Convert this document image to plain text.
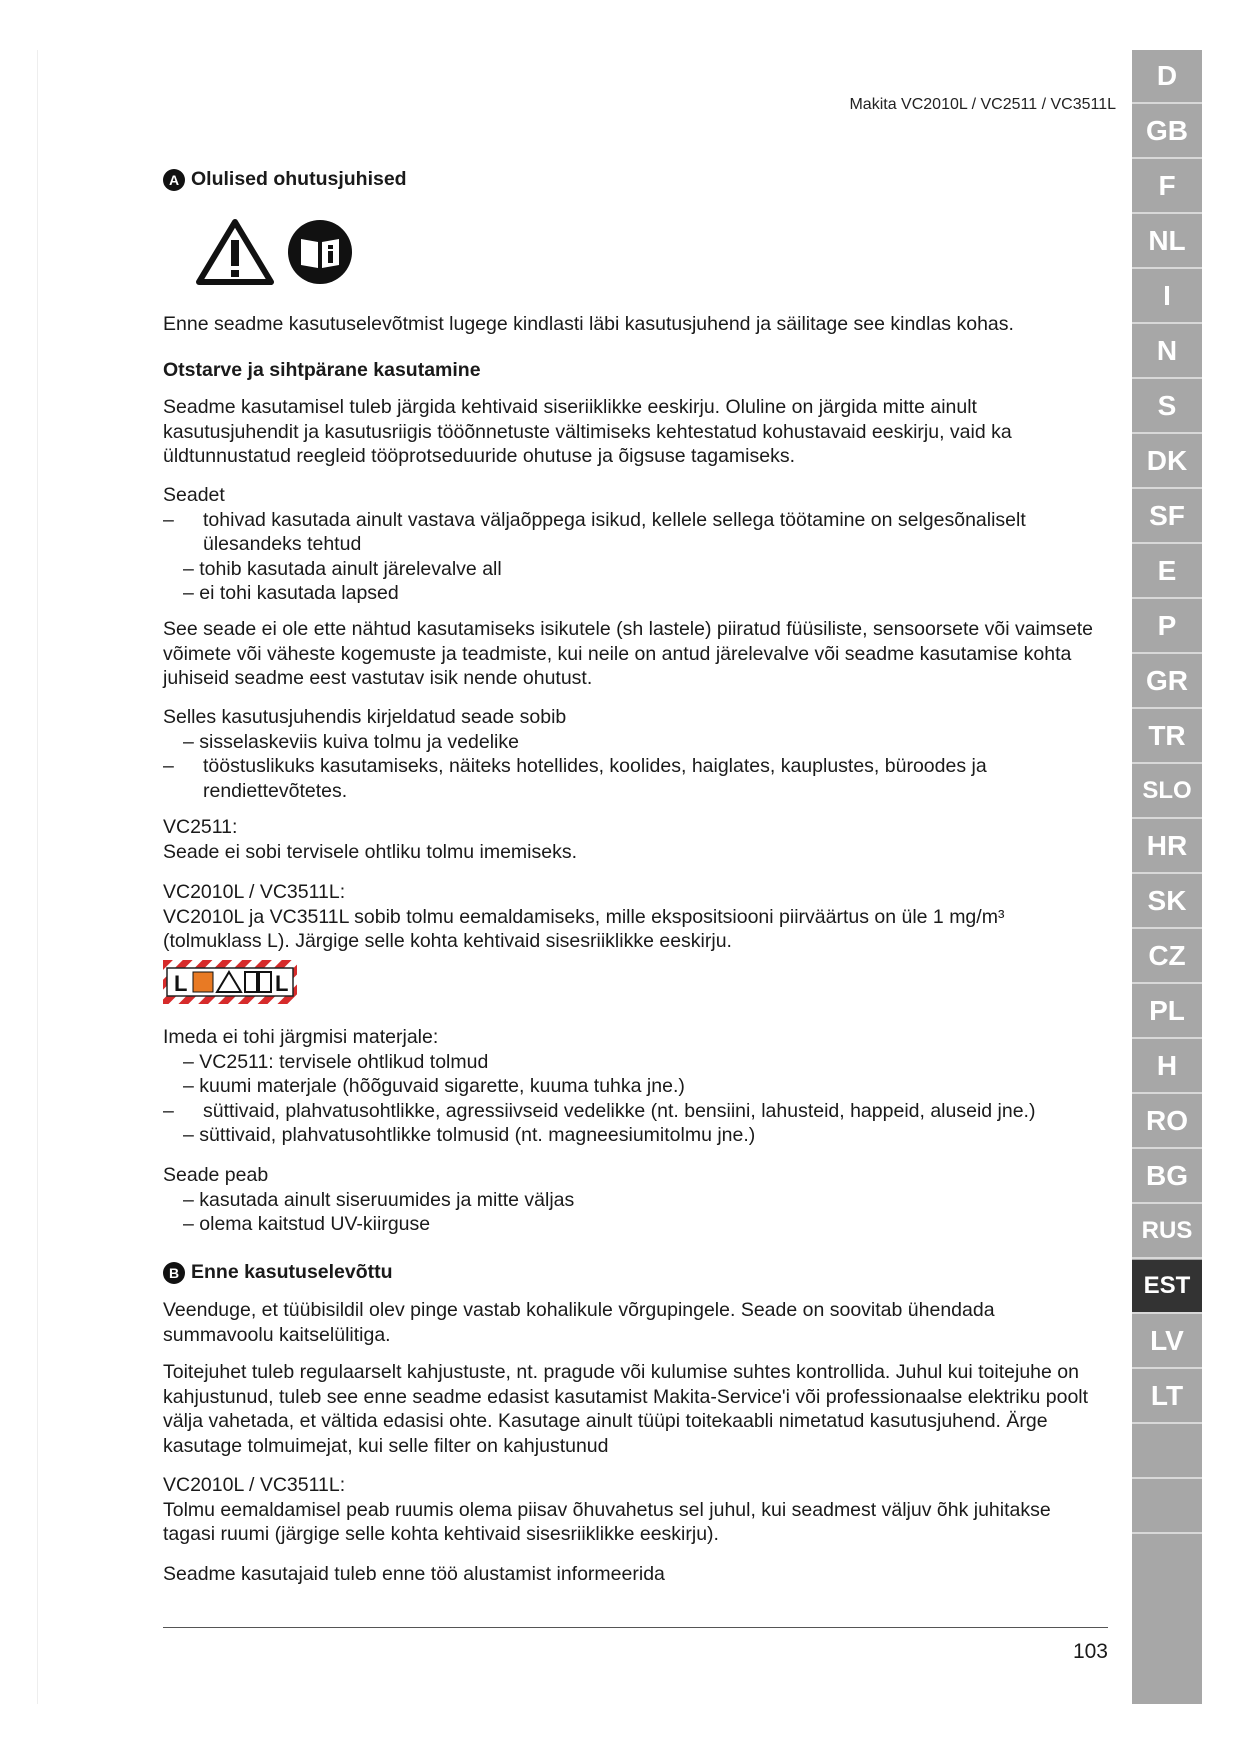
Makita VC2010L / VC2511 / VC3511L
A Olulised ohutusjuhised

Enne seadme kasutuselevõtmist lugege kindlasti läbi kasutusjuhend ja säilitage see kindlas kohas.

Otstarve ja sihtpärane kasutamine

Seadme kasutamisel tuleb järgida kehtivaid siseriiklikke eeskirju. Oluline on järgida mitte ainult kasutusjuhendit ja kasutusriigis tööõnnetuste vältimiseks kehtestatud kohustavaid eeskirju, vaid ka üldtunnustatud reegleid tööprotseduuride ohutuse ja õigsuse tagamiseks.

Seadet

–	tohivad kasutada ainult vastava väljaõppega isikud, kellele sellega töötamine on selgesõnaliselt ülesandeks tehtud

– tohib kasutada ainult järelevalve all

– ei tohi kasutada lapsed

See seade ei ole ette nähtud kasutamiseks isikutele (sh lastele) piiratud füüsiliste, sensoorsete või vaimsete võimete või väheste kogemuste ja teadmiste, kui neile on antud järelevalve või seadme kasutamise kohta juhiseid seadme eest vastutav isik nende ohutust.

Selles kasutusjuhendis kirjeldatud seade sobib

– sisselaskeviis kuiva tolmu ja vedelike

–	tööstuslikuks kasutamiseks, näiteks hotellides, koolides, haiglates, kauplustes, büroodes ja rendiettevõtetes.

VC2511:

Seade ei sobi tervisele ohtliku tolmu imemiseks.

VC2010L / VC3511L:

VC2010L ja VC3511L sobib tolmu eemaldamiseks, mille ekspositsiooni piirväärtus on üle 1 mg/m³ (tolmuklass L). Järgige selle kohta kehtivaid sisesriiklikke eeskirju.

L	L

Imeda ei tohi järgmisi materjale:

– VC2511: tervisele ohtlikud tolmud

– kuumi materjale (hõõguvaid sigarette, kuuma tuhka jne.)

–	süttivaid, plahvatusohtlikke, agressiivseid vedelikke (nt. bensiini, lahusteid, happeid, aluseid jne.)

– süttivaid, plahvatusohtlikke tolmusid (nt. magneesiumitolmu jne.)

Seade peab

– kasutada ainult siseruumides ja mitte väljas

– olema kaitstud UV-kiirguse

B Enne kasutuselevõttu

Veenduge, et tüübisildil olev pinge vastab kohalikule võrgupingele. Seade on soovitab ühendada summavoolu kaitselülitiga.

Toitejuhet tuleb regulaarselt kahjustuste, nt. pragude või kulumise suhtes kontrollida. Juhul kui toitejuhe on kahjustunud, tuleb see enne seadme edasist kasutamist Makita-Service'i või professionaalse elektriku poolt välja vahetada, et vältida edasisi ohte. Kasutage ainult tüüpi toitekaabli nimetatud kasutusjuhend. Ärge kasutage tolmuimejat, kui selle filter on kahjustunud

VC2010L / VC3511L:

Tolmu eemaldamisel peab ruumis olema piisav õhuvahetus sel juhul, kui seadmest väljuv õhk juhitakse tagasi ruumi (järgige selle kohta kehtivaid sisesriiklikke eeskirju).

Seadme kasutajaid tuleb enne töö alustamist informeerida

103
D
GB
F
NL
I
N
S
DK
SF
E
P
GR
TR
SLO
HR
SK
CZ
PL
H
RO
BG
RUS
EST
LV
LT
